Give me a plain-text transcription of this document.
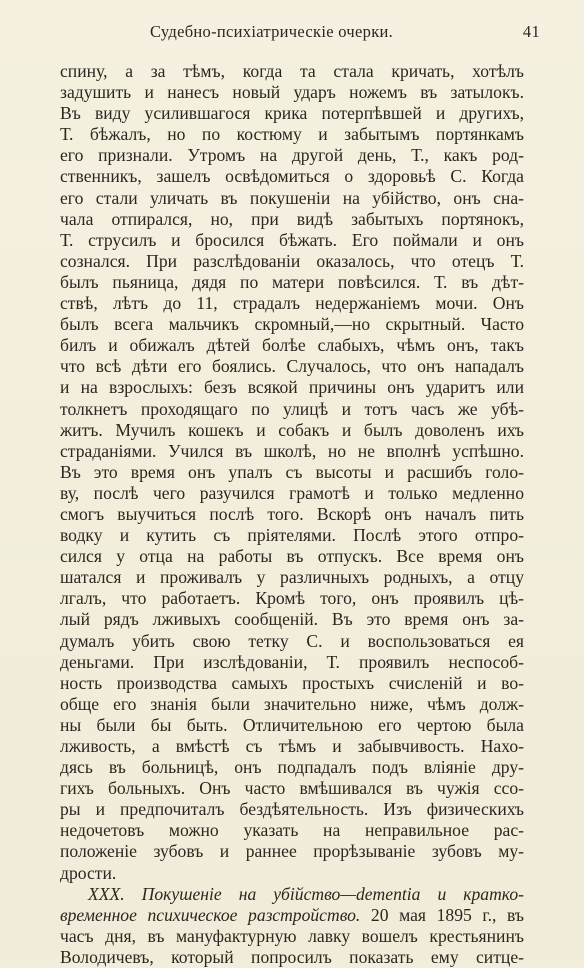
Судебно-психіатрическіе очерки.	41
спину, а за тѣмъ, когда та стала кричать, хотѣлъ
задушить и нанесъ новый ударъ ножемъ въ затылокъ.
Въ виду усилившагося крика потерпѣвшей и другихъ,
Т. бѣжалъ, но по костюму и забытымъ портянкамъ
его признали. Утромъ на другой день, Т., какъ род-
ственникъ, зашелъ освѣдомиться о здоровьѣ С. Когда
его стали уличать въ покушеніи на убійство, онъ сна-
чала отпирался, но, при видѣ забытыхъ портянокъ,
Т. струсилъ и бросился бѣжать. Его поймали и онъ
сознался. При разслѣдованіи оказалось, что отецъ Т.
былъ пьяница, дядя по матери повѣсился. Т. въ дѣт-
ствѣ, лѣтъ до 11, страдалъ недержаніемъ мочи. Онъ
былъ всега мальчикъ скромный,—но скрытный. Часто
билъ и обижалъ дѣтей болѣе слабыхъ, чѣмъ онъ, такъ
что всѣ дѣти его боялись. Случалось, что онъ нападалъ
и на взрослыхъ: безъ всякой причины онъ ударитъ или
толкнетъ проходящаго по улицѣ и тотъ часъ же убѣ-
житъ. Мучилъ кошекъ и собакъ и былъ доволенъ ихъ
страданіями. Учился въ школѣ, но не вполнѣ успѣшно.
Въ это время онъ упалъ съ высоты и расшибъ голо-
ву, послѣ чего разучился грамотѣ и только медленно
смогъ выучиться послѣ того. Вскорѣ онъ началъ пить
водку и кутить съ пріятелями. Послѣ этого отпро-
сился у отца на работы въ отпускъ. Все время онъ
шатался и проживалъ у различныхъ родныхъ, а отцу
лгалъ, что работаетъ. Кромѣ того, онъ проявилъ цѣ-
лый рядъ лживыхъ сообщеній. Въ это время онъ за-
думалъ убить свою тетку С. и воспользоваться ея
деньгами. При изслѣдованіи, Т. проявилъ неспособ-
ность производства самыхъ простыхъ счисленій и во-
обще его знанія были значительно ниже, чѣмъ долж-
ны были бы быть. Отличительною его чертою была
лживость, а вмѣстѣ съ тѣмъ и забывчивость. Нахо-
дясь въ больницѣ, онъ подпадалъ подъ вліяніе дру-
гихъ больныхъ. Онъ часто вмѣшивался въ чужія ссо-
ры и предпочиталъ бездѣятельность. Изъ физическихъ
недочетовъ можно указать на неправильное рас-
положеніе зубовъ и раннее прорѣзываніе зубовъ му-
дрости.
XXX. Покушеніе на убійство—dementia и кратко-
временное психическое разстройство. 20 мая 1895 г., въ
часъ дня, въ мануфактурную лавку вошелъ крестьянинъ
Володичевъ, который попросилъ показать ему ситце-
